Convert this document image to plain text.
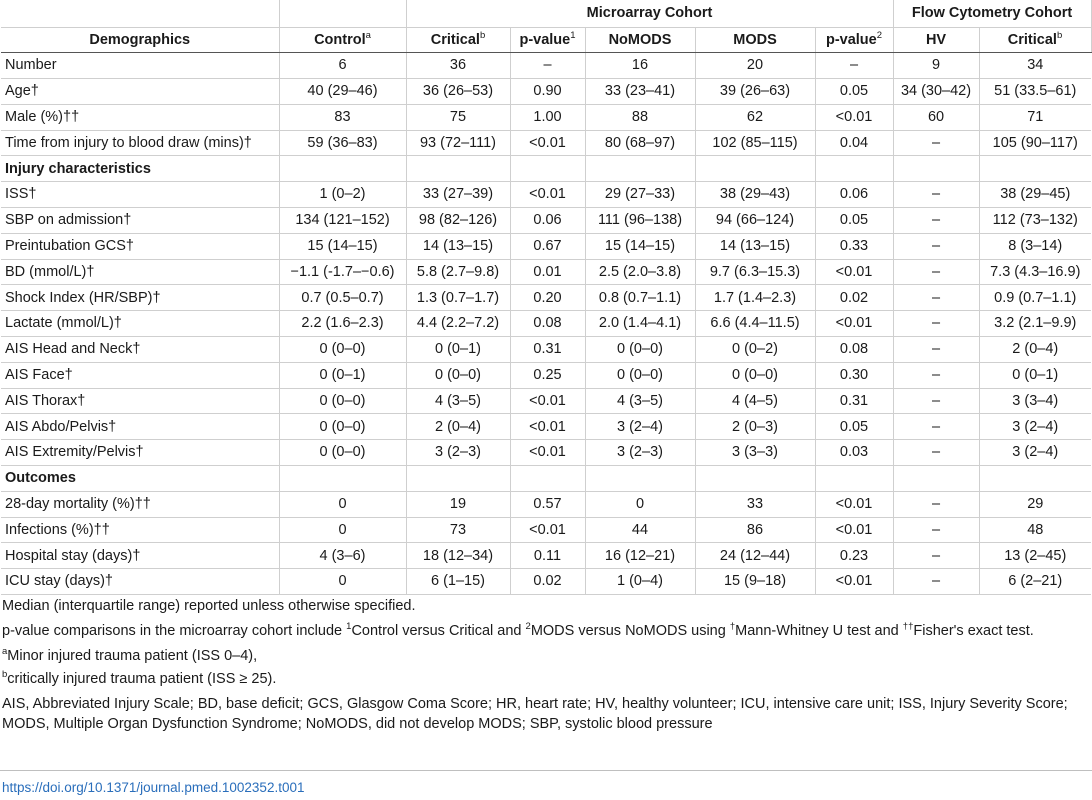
		Microarray Cohort					Flow Cytometry Cohort	
Demographics	Control$^a$	Critical$^b$	p-value$^1$	NoMODS	MODS	p-value$^2$	HV	Critical$^b$
Number	6	36	–	16	20	–	9	34
Age†	40 (29–46)	36 (26–53)	0.90	33 (23–41)	39 (26–63)	0.05	34 (30–42)	51 (33.5–61)
Male (%)††	83	75	1.00	88	62	<0.01	60	71
Time from injury to blood draw (mins)†	59 (36–83)	93 (72–111)	<0.01	80 (68–97)	102 (85–115)	0.04	–	105 (90–117)
Injury characteristics								
ISS†	1 (0–2)	33 (27–39)	<0.01	29 (27–33)	38 (29–43)	0.06	–	38 (29–45)
SBP on admission†	134 (121–152)	98 (82–126)	0.06	111 (96–138)	94 (66–124)	0.05	–	112 (73–132)
Preintubation GCS†	15 (14–15)	14 (13–15)	0.67	15 (14–15)	14 (13–15)	0.33	–	8 (3–14)
BD (mmol/L)†	−1.1 (-1.7–−0.6)	5.8 (2.7–9.8)	0.01	2.5 (2.0–3.8)	9.7 (6.3–15.3)	<0.01	–	7.3 (4.3–16.9)
Shock Index (HR/SBP)†	0.7 (0.5–0.7)	1.3 (0.7–1.7)	0.20	0.8 (0.7–1.1)	1.7 (1.4–2.3)	0.02	–	0.9 (0.7–1.1)
Lactate (mmol/L)†	2.2 (1.6–2.3)	4.4 (2.2–7.2)	0.08	2.0 (1.4–4.1)	6.6 (4.4–11.5)	<0.01	–	3.2 (2.1–9.9)
AIS Head and Neck†	0 (0–0)	0 (0–1)	0.31	0 (0–0)	0 (0–2)	0.08	–	2 (0–4)
AIS Face†	0 (0–1)	0 (0–0)	0.25	0 (0–0)	0 (0–0)	0.30	–	0 (0–1)
AIS Thorax†	0 (0–0)	4 (3–5)	<0.01	4 (3–5)	4 (4–5)	0.31	–	3 (3–4)
AIS Abdo/Pelvis†	0 (0–0)	2 (0–4)	<0.01	3 (2–4)	2 (0–3)	0.05	–	3 (2–4)
AIS Extremity/Pelvis†	0 (0–0)	3 (2–3)	<0.01	3 (2–3)	3 (3–3)	0.03	–	3 (2–4)
Outcomes								
28-day mortality (%)††	0	19	0.57	0	33	<0.01	–	29
Infections (%)††	0	73	<0.01	44	86	<0.01	–	48
Hospital stay (days)†	4 (3–6)	18 (12–34)	0.11	16 (12–21)	24 (12–44)	0.23	–	13 (2–45)
ICU stay (days)†	0	6 (1–15)	0.02	1 (0–4)	15 (9–18)	<0.01	–	6 (2–21)

Median (interquartile range) reported unless otherwise specified.

p-value comparisons in the microarray cohort include $^1$Control versus Critical and $^2$MODS versus NoMODS using †Mann-Whitney U test and ††Fisher's exact test.

$^a$Minor injured trauma patient (ISS 0–4),

$^b$critically injured trauma patient (ISS ≥ 25).

AIS, Abbreviated Injury Scale; BD, base deficit; GCS, Glasgow Coma Score; HR, heart rate; HV, healthy volunteer; ICU, intensive care unit; ISS, Injury Severity Score; MODS, Multiple Organ Dysfunction Syndrome; NoMODS, did not develop MODS; SBP, systolic blood pressure

https://doi.org/10.1371/journal.pmed.1002352.t001
